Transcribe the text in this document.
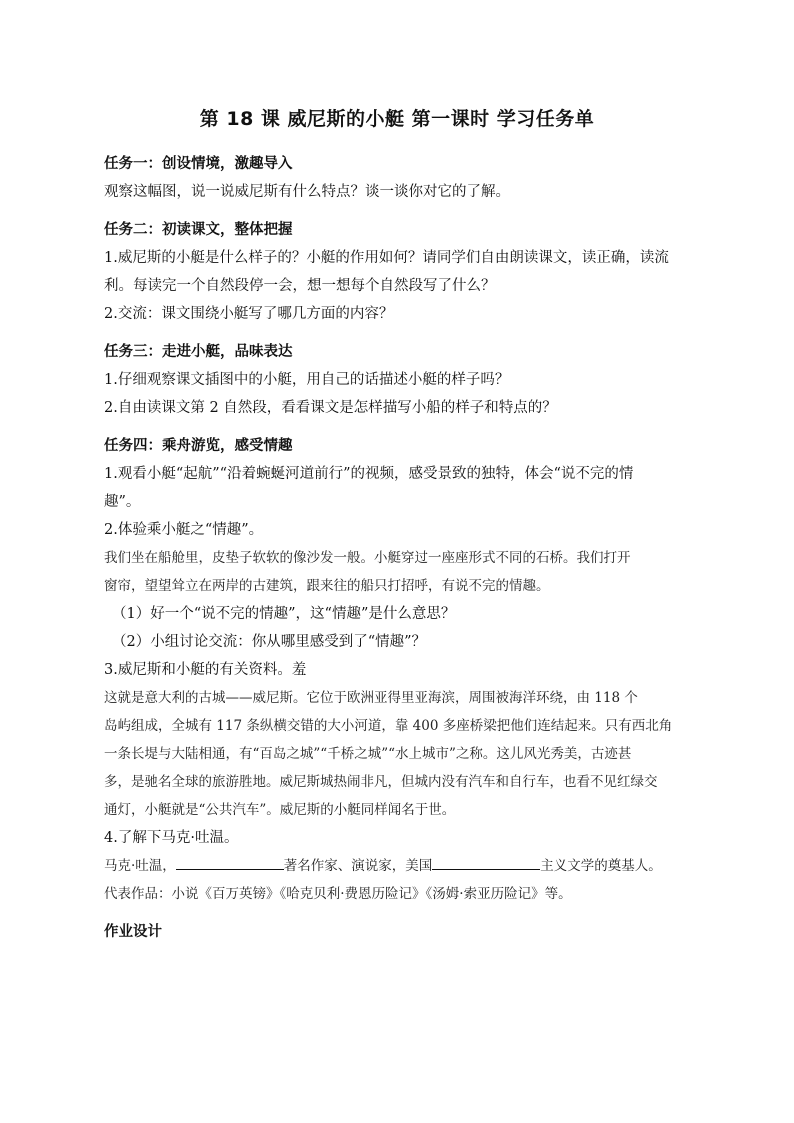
第 18 课 威尼斯的小艇 第一课时 学习任务单

任务一：创设情境，激趣导入

观察这幅图，说一说威尼斯有什么特点？谈一谈你对它的了解。

任务二：初读课文，整体把握

1.威尼斯的小艇是什么样子的？小艇的作用如何？请同学们自由朗读课文，读正确，读流

利。每读完一个自然段停一会，想一想每个自然段写了什么？

2.交流：课文围绕小艇写了哪几方面的内容？

任务三：走进小艇，品味表达

1.仔细观察课文插图中的小艇，用自己的话描述小艇的样子吗？

2.自由读课文第 2 自然段，看看课文是怎样描写小船的样子和特点的？

任务四：乘舟游览，感受情趣

1.观看小艇“起航”“沿着蜿蜒河道前行”的视频，感受景致的独特，体会“说不完的情

趣”。

2.体验乘小艇之“情趣”。

我们坐在船舱里，皮垫子软软的像沙发一般。小艇穿过一座座形式不同的石桥。我们打开

窗帘，望望耸立在两岸的古建筑，跟来往的船只打招呼，有说不完的情趣。

（1）好一个“说不完的情趣”，这“情趣”是什么意思？

（2）小组讨论交流：你从哪里感受到了“情趣”？

3.威尼斯和小艇的有关资料。羞

这就是意大利的古城——威尼斯。它位于欧洲亚得里亚海滨，周围被海洋环绕，由 118 个

岛屿组成，全城有 117 条纵横交错的大小河道，靠 400 多座桥梁把他们连结起来。只有西北角

一条长堤与大陆相通，有“百岛之城”“千桥之城”“水上城市”之称。这儿风光秀美，古迹甚

多，是驰名全球的旅游胜地。威尼斯城热闹非凡，但城内没有汽车和自行车，也看不见红绿交

通灯，小艇就是“公共汽车”。威尼斯的小艇同样闻名于世。

4.了解下马克·吐温。

马克·吐温，	著名作家、演说家，美国	主义文学的奠基人。

代表作品：小说《百万英镑》《哈克贝利·费恩历险记》《汤姆·索亚历险记》等。

作业设计
